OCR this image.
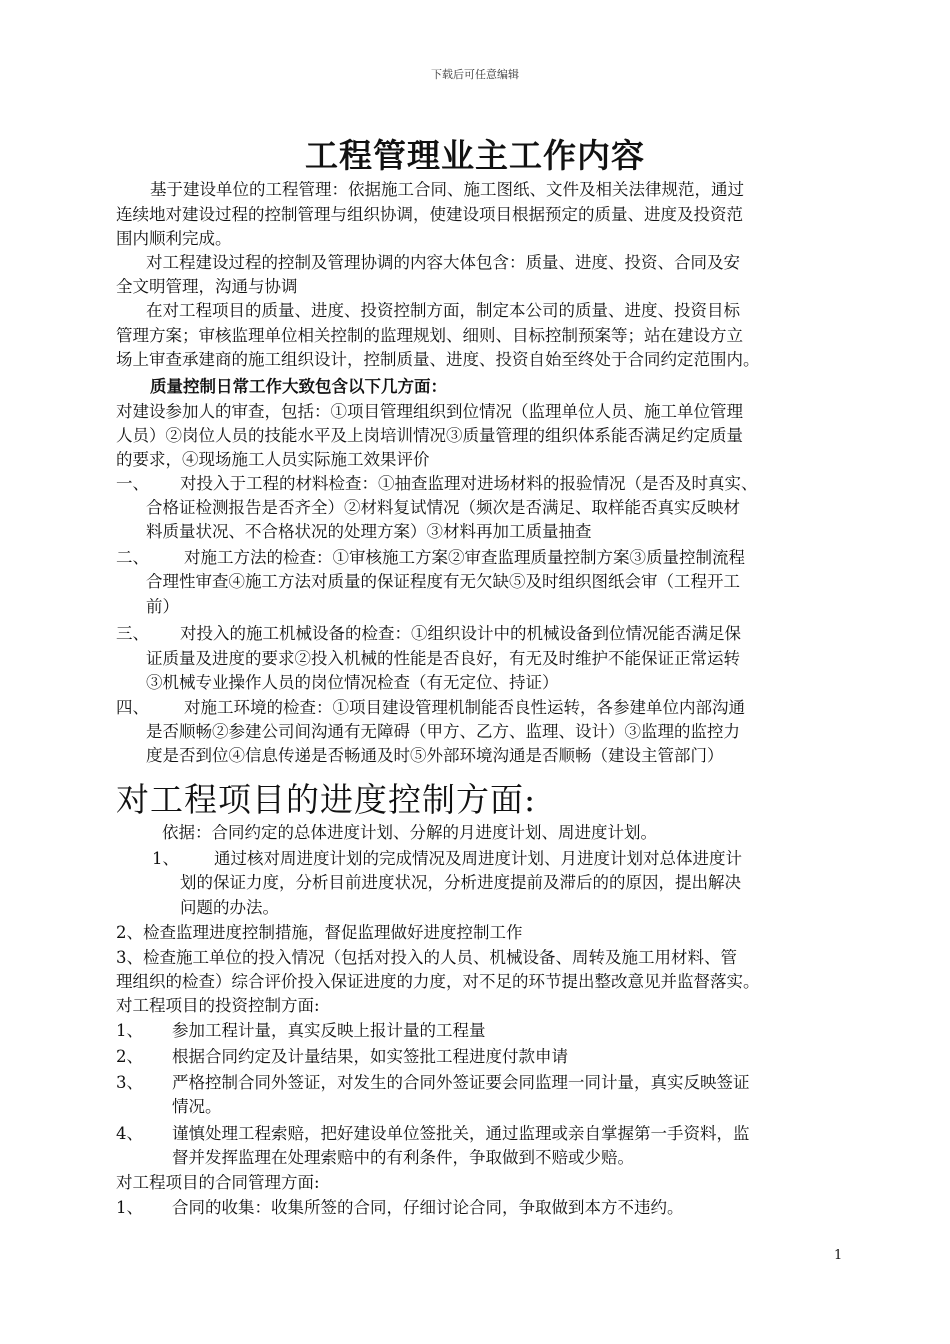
下载后可任意编辑
工程管理业主工作内容
基于建设单位的工程管理：依据施工合同、施工图纸、文件及相关法律规范，通过
连续地对建设过程的控制管理与组织协调，使建设项目根据预定的质量、进度及投资范
围内顺利完成。
对工程建设过程的控制及管理协调的内容大体包含：质量、进度、投资、合同及安
全文明管理，沟通与协调
在对工程项目的质量、进度、投资控制方面，制定本公司的质量、进度、投资目标
管理方案；审核监理单位相关控制的监理规划、细则、目标控制预案等；站在建设方立
场上审查承建商的施工组织设计，控制质量、进度、投资自始至终处于合同约定范围内。
质量控制日常工作大致包含以下几方面：
对建设参加人的审查，包括：①项目管理组织到位情况（监理单位人员、施工单位管理
人员）②岗位人员的技能水平及上岗培训情况③质量管理的组织体系能否满足约定质量
的要求，④现场施工人员实际施工效果评价
一、 对投入于工程的材料检查：①抽查监理对进场材料的报验情况（是否及时真实、
合格证检测报告是否齐全）②材料复试情况（频次是否满足、取样能否真实反映材
料质量状况、不合格状况的处理方案）③材料再加工质量抽查
二、 对施工方法的检查：①审核施工方案②审查监理质量控制方案③质量控制流程
合理性审查④施工方法对质量的保证程度有无欠缺⑤及时组织图纸会审（工程开工
前）
三、 对投入的施工机械设备的检查：①组织设计中的机械设备到位情况能否满足保
证质量及进度的要求②投入机械的性能是否良好，有无及时维护不能保证正常运转
③机械专业操作人员的岗位情况检查（有无定位、持证）
四、 对施工环境的检查：①项目建设管理机制能否良性运转，各参建单位内部沟通
是否顺畅②参建公司间沟通有无障碍（甲方、乙方、监理、设计）③监理的监控力
度是否到位④信息传递是否畅通及时⑤外部环境沟通是否顺畅（建设主管部门）
对工程项目的进度控制方面:
依据：合同约定的总体进度计划、分解的月进度计划、周进度计划。
1、 通过核对周进度计划的完成情况及周进度计划、月进度计划对总体进度计
划的保证力度，分析目前进度状况，分析进度提前及滞后的的原因，提出解决
问题的办法。
2、检查监理进度控制措施，督促监理做好进度控制工作
3、检查施工单位的投入情况（包括对投入的人员、机械设备、周转及施工用材料、管
理组织的检查）综合评价投入保证进度的力度，对不足的环节提出整改意见并监督落实。
对工程项目的投资控制方面:
1、 参加工程计量，真实反映上报计量的工程量
2、 根据合同约定及计量结果，如实签批工程进度付款申请
3、 严格控制合同外签证，对发生的合同外签证要会同监理一同计量，真实反映签证
情况。
4、 谨慎处理工程索赔，把好建设单位签批关，通过监理或亲自掌握第一手资料，监
督并发挥监理在处理索赔中的有利条件，争取做到不赔或少赔。
对工程项目的合同管理方面:
1、 合同的收集：收集所签的合同，仔细讨论合同，争取做到本方不违约。
1
